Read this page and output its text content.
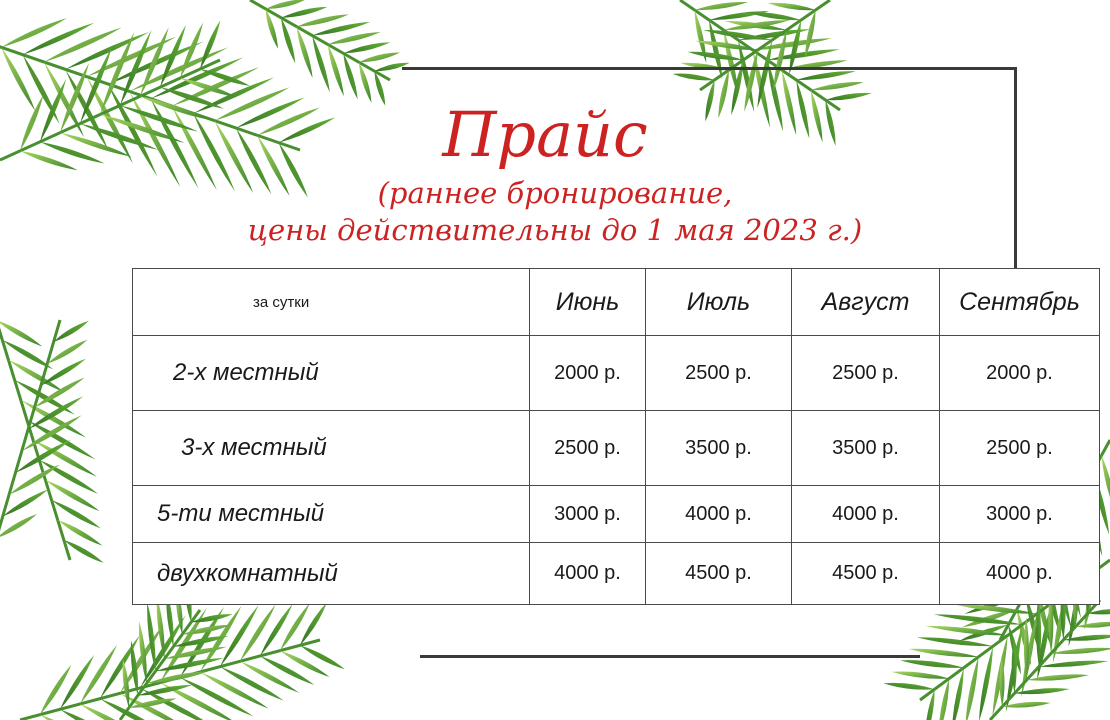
Прайс
(раннее бронирование,
цены действительны до 1 мая 2023 г.)
за сутки	Июнь	Июль	Август	Сентябрь
2-х местный	2000 р.	2500 р.	2500 р.	2000 р.
3-х местный	2500 р.	3500 р.	3500 р.	2500 р.
5-ти местный	3000 р.	4000 р.	4000 р.	3000 р.
двухкомнатный	4000 р.	4500 р.	4500 р.	4000 р.
